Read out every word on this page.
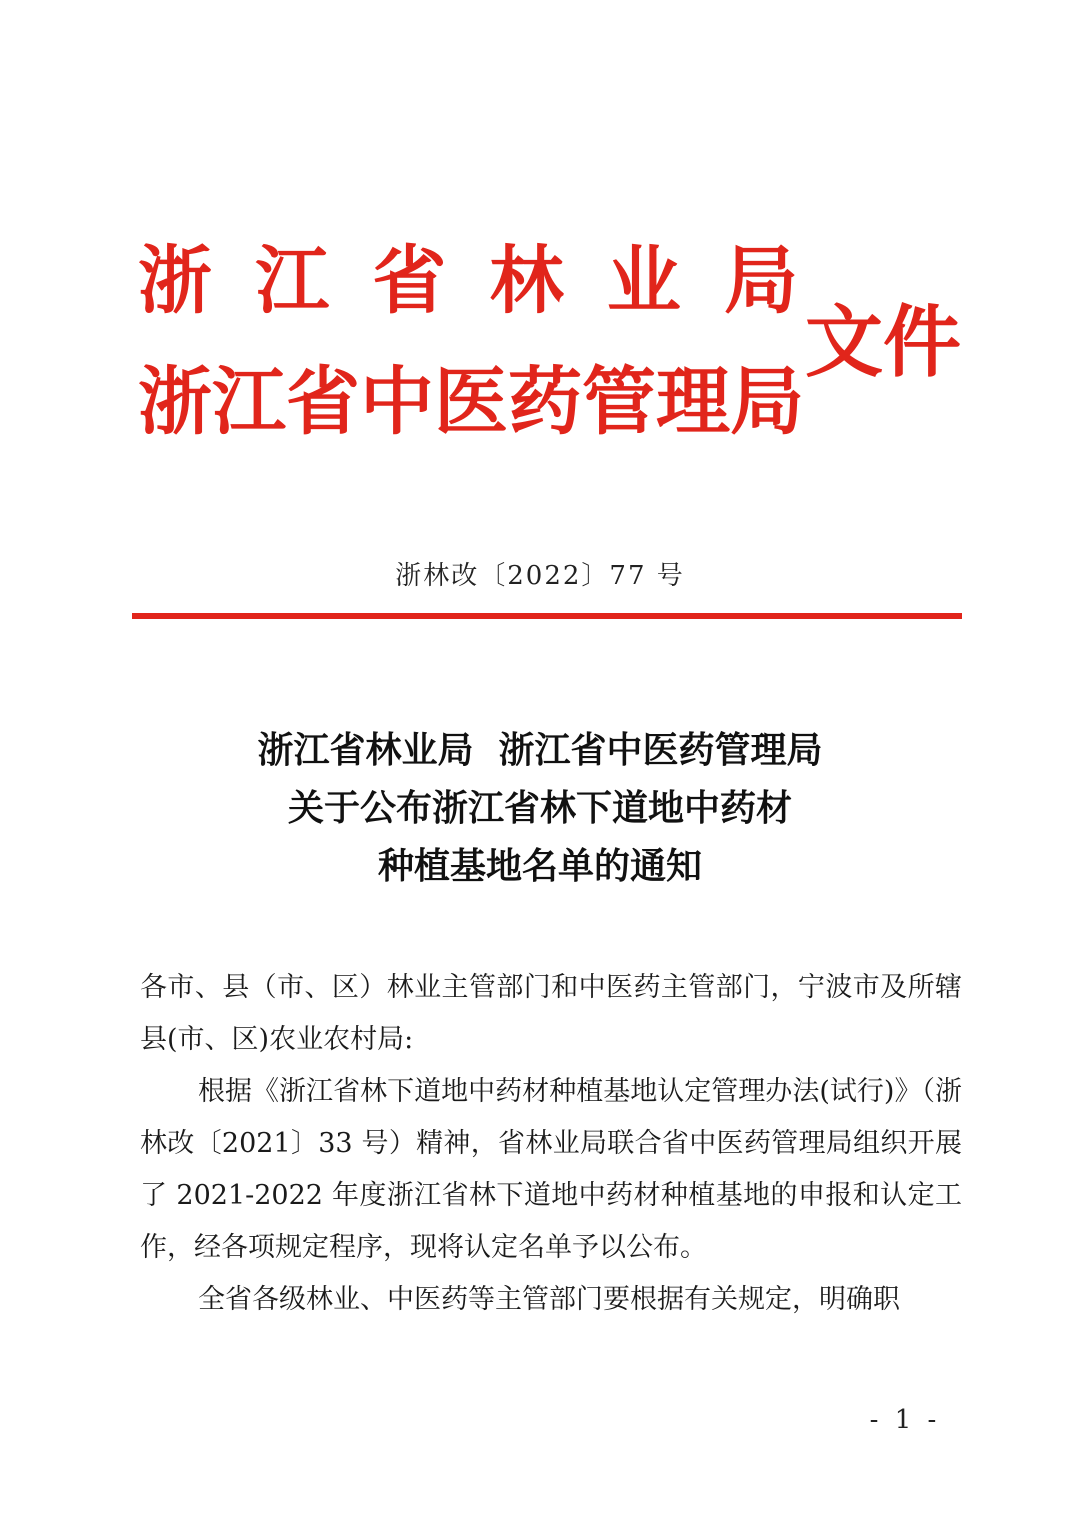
浙 江 省 林 业 局
浙 江 省 中 医 药 管 理 局
文件
浙林改〔2022〕77 号
浙江省林业局  浙江省中医药管理局
关于公布浙江省林下道地中药材
种植基地名单的通知

各市、县（市、区）林业主管部门和中医药主管部门，宁波市及所辖县(市、区)农业农村局:

根据《浙江省林下道地中药材种植基地认定管理办法(试行)》（浙林改〔2021〕33 号）精神，省林业局联合省中医药管理局组织开展了 2021-2022 年度浙江省林下道地中药材种植基地的申报和认定工作，经各项规定程序，现将认定名单予以公布。

全省各级林业、中医药等主管部门要根据有关规定，明确职

- 1 -
